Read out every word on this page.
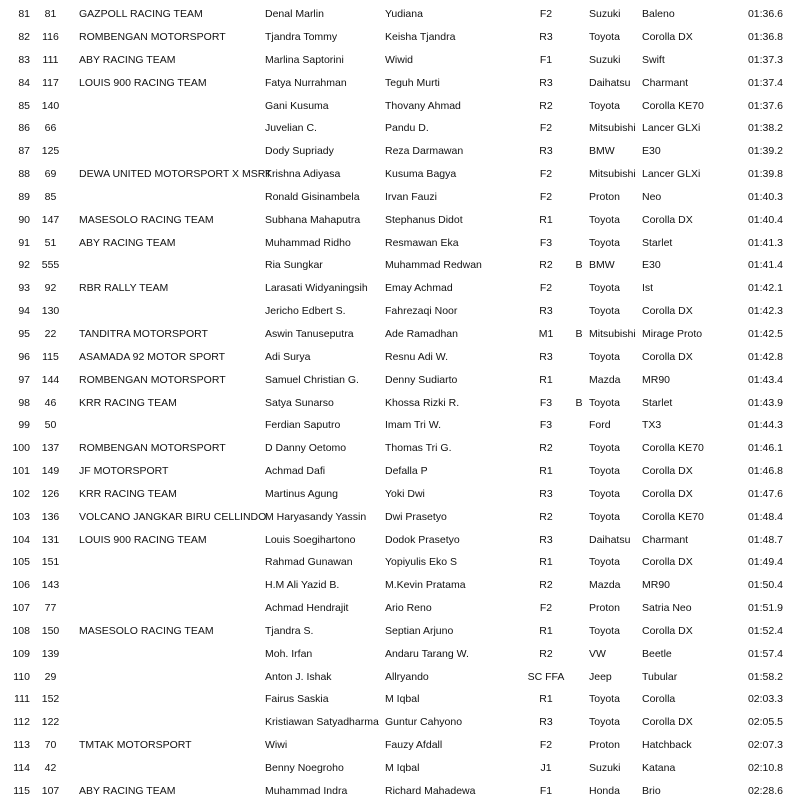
81	81	GAZPOLL RACING TEAM	Denal Marlin	Yudiana	F2		Suzuki	Baleno	01:36.6
82	116	ROMBENGAN MOTORSPORT	Tjandra Tommy	Keisha Tjandra	R3		Toyota	Corolla DX	01:36.8
83	111	ABY RACING TEAM	Marlina Saptorini	Wiwid	F1		Suzuki	Swift	01:37.3
84	117	LOUIS 900 RACING TEAM	Fatya Nurrahman	Teguh Murti	R3		Daihatsu	Charmant	01:37.4
85	140		Gani Kusuma	Thovany Ahmad	R2		Toyota	Corolla KE70	01:37.6
86	66		Juvelian C.	Pandu D.	F2		Mitsubishi	Lancer GLXi	01:38.2
87	125		Dody Supriady	Reza Darmawan	R3		BMW	E30	01:39.2
88	69	DEWA UNITED MOTORSPORT X MSRT	Krishna Adiyasa	Kusuma Bagya	F2		Mitsubishi	Lancer GLXi	01:39.8
89	85		Ronald Gisinambela	Irvan Fauzi	F2		Proton	Neo	01:40.3
90	147	MASESOLO RACING TEAM	Subhana Mahaputra	Stephanus Didot	R1		Toyota	Corolla DX	01:40.4
91	51	ABY RACING TEAM	Muhammad Ridho	Resmawan Eka	F3		Toyota	Starlet	01:41.3
92	555		Ria Sungkar	Muhammad Redwan	R2	B	BMW	E30	01:41.4
93	92	RBR RALLY TEAM	Larasati Widyaningsih	Emay Achmad	F2		Toyota	Ist	01:42.1
94	130		Jericho Edbert S.	Fahrezaqi Noor	R3		Toyota	Corolla DX	01:42.3
95	22	TANDITRA MOTORSPORT	Aswin Tanuseputra	Ade Ramadhan	M1	B	Mitsubishi	Mirage Proto	01:42.5
96	115	ASAMADA 92 MOTOR SPORT	Adi Surya	Resnu Adi W.	R3		Toyota	Corolla DX	01:42.8
97	144	ROMBENGAN MOTORSPORT	Samuel Christian G.	Denny Sudiarto	R1		Mazda	MR90	01:43.4
98	46	KRR RACING TEAM	Satya Sunarso	Khossa Rizki R.	F3	B	Toyota	Starlet	01:43.9
99	50		Ferdian Saputro	Imam Tri W.	F3		Ford	TX3	01:44.3
100	137	ROMBENGAN MOTORSPORT	D Danny Oetomo	Thomas Tri G.	R2		Toyota	Corolla KE70	01:46.1
101	149	JF MOTORSPORT	Achmad Dafi	Defalla P	R1		Toyota	Corolla DX	01:46.8
102	126	KRR RACING TEAM	Martinus Agung	Yoki Dwi	R3		Toyota	Corolla DX	01:47.6
103	136	VOLCANO JANGKAR BIRU CELLINDO	M Haryasandy Yassin	Dwi Prasetyo	R2		Toyota	Corolla KE70	01:48.4
104	131	LOUIS 900 RACING TEAM	Louis Soegihartono	Dodok Prasetyo	R3		Daihatsu	Charmant	01:48.7
105	151		Rahmad Gunawan	Yopiyulis Eko S	R1		Toyota	Corolla DX	01:49.4
106	143		H.M Ali Yazid B.	M.Kevin Pratama	R2		Mazda	MR90	01:50.4
107	77		Achmad Hendrajit	Ario Reno	F2		Proton	Satria Neo	01:51.9
108	150	MASESOLO RACING TEAM	Tjandra S.	Septian Arjuno	R1		Toyota	Corolla DX	01:52.4
109	139		Moh. Irfan	Andaru Tarang W.	R2		VW	Beetle	01:57.4
110	29		Anton J. Ishak	Allryando	SC FFA		Jeep	Tubular	01:58.2
111	152		Fairus Saskia	M Iqbal	R1		Toyota	Corolla	02:03.3
112	122		Kristiawan Satyadharma	Guntur Cahyono	R3		Toyota	Corolla DX	02:05.5
113	70	TMTAK MOTORSPORT	Wiwi	Fauzy Afdall	F2		Proton	Hatchback	02:07.3
114	42		Benny Noegroho	M Iqbal	J1		Suzuki	Katana	02:10.8
115	107	ABY RACING TEAM	Muhammad Indra	Richard Mahadewa	F1		Honda	Brio	02:28.6
